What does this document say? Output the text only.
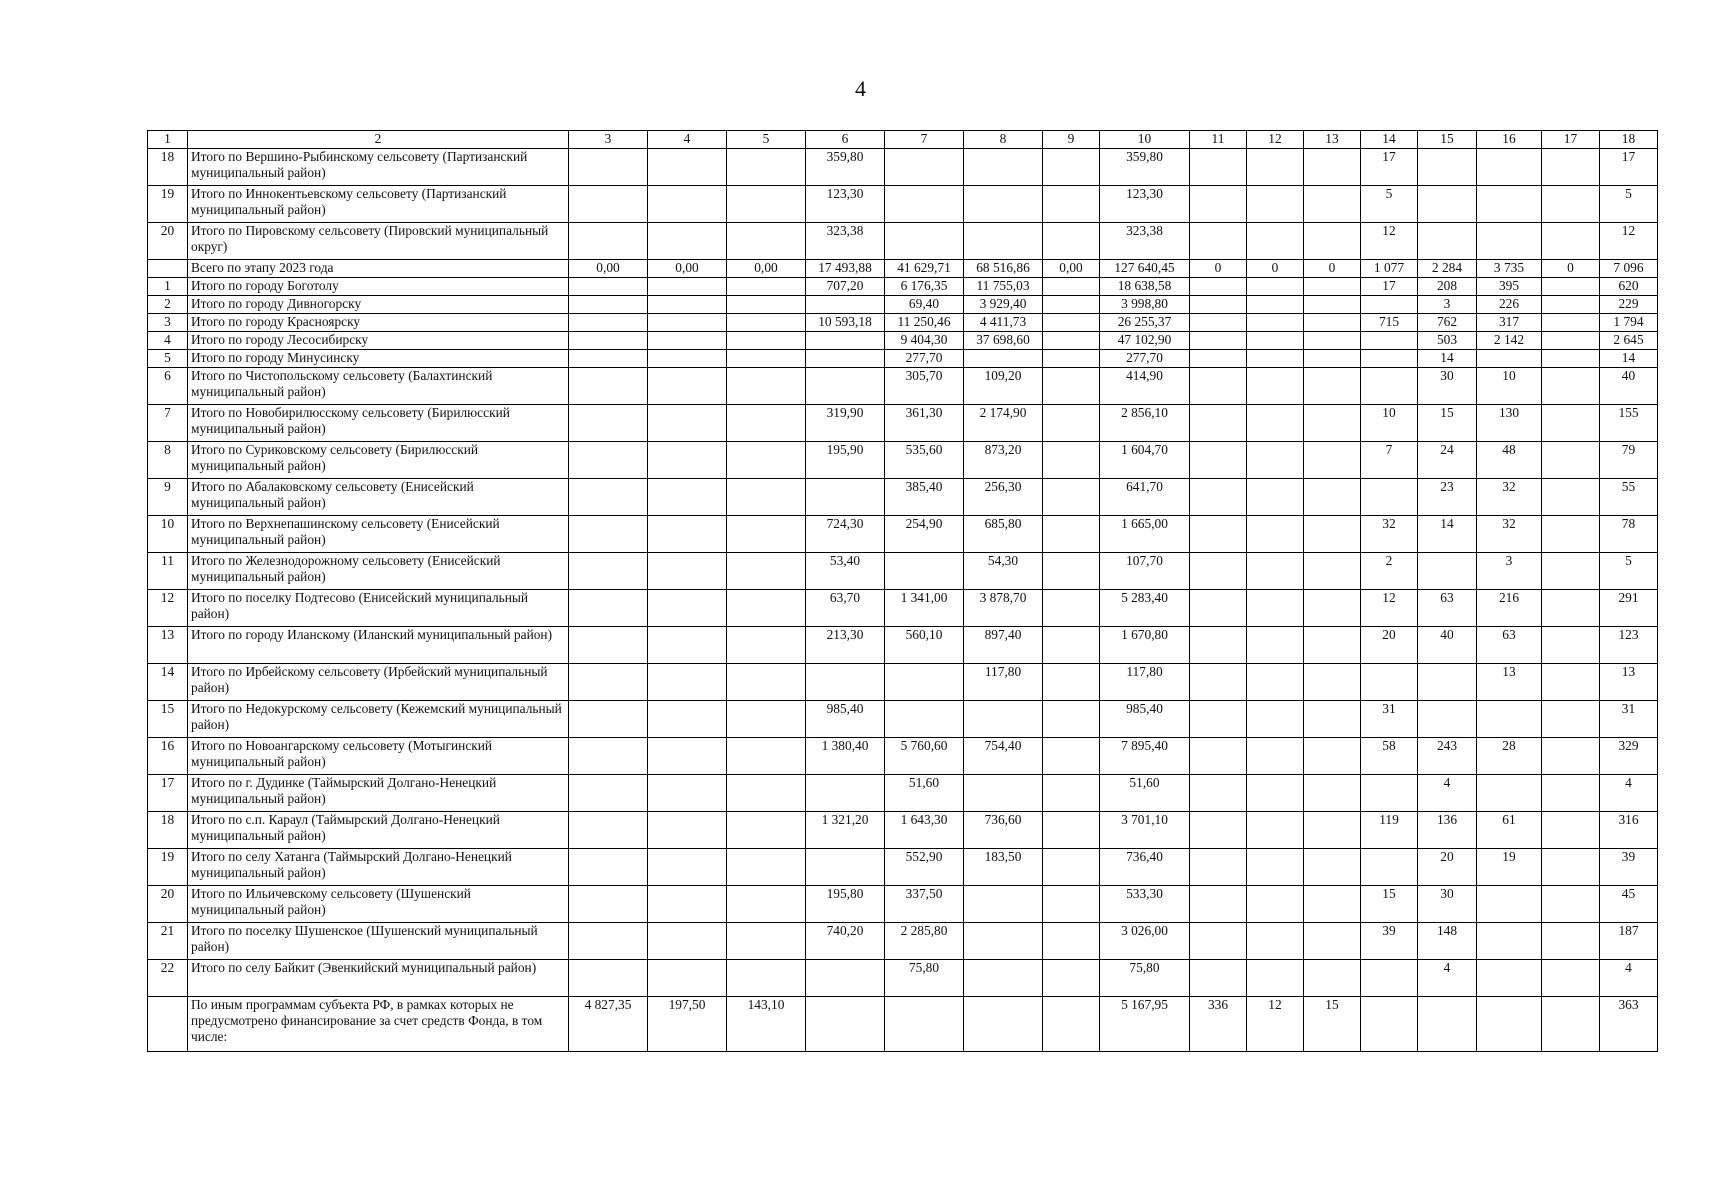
4
1	2	3	4	5	6	7	8	9	10	11	12	13	14	15	16	17	18
18	Итого по Вершино-Рыбинскому сельсовету (Партизанский муниципальный район)				359,80				359,80				17				17
19	Итого по Иннокентьевскому сельсовету (Партизанский муниципальный район)				123,30				123,30				5				5
20	Итого по Пировскому сельсовету (Пировский муниципальный округ)				323,38				323,38				12				12
	Всего по этапу 2023 года	0,00	0,00	0,00	17 493,88	41 629,71	68 516,86	0,00	127 640,45	0	0	0	1 077	2 284	3 735	0	7 096
1	Итого по городу Боготолу				707,20	6 176,35	11 755,03		18 638,58				17	208	395		620
2	Итого по городу Дивногорску					69,40	3 929,40		3 998,80					3	226		229
3	Итого по городу Красноярску				10 593,18	11 250,46	4 411,73		26 255,37				715	762	317		1 794
4	Итого по городу Лесосибирску					9 404,30	37 698,60		47 102,90					503	2 142		2 645
5	Итого по городу Минусинску					277,70			277,70					14			14
6	Итого по Чистопольскому сельсовету (Балахтинский муниципальный район)					305,70	109,20		414,90					30	10		40
7	Итого по Новобирилюсскому сельсовету (Бирилюсский муниципальный район)				319,90	361,30	2 174,90		2 856,10				10	15	130		155
8	Итого по Суриковскому сельсовету (Бирилюсский муниципальный район)				195,90	535,60	873,20		1 604,70				7	24	48		79
9	Итого по Абалаковскому сельсовету (Енисейский муниципальный район)					385,40	256,30		641,70					23	32		55
10	Итого по Верхнепашинскому сельсовету (Енисейский муниципальный район)				724,30	254,90	685,80		1 665,00				32	14	32		78
11	Итого по Железнодорожному сельсовету (Енисейский муниципальный район)				53,40		54,30		107,70				2		3		5
12	Итого по поселку Подтесово (Енисейский муниципальный район)				63,70	1 341,00	3 878,70		5 283,40				12	63	216		291
13	Итого по городу Иланскому (Иланский муниципальный район)				213,30	560,10	897,40		1 670,80				20	40	63		123
14	Итого по Ирбейскому сельсовету (Ирбейский муниципальный район)						117,80		117,80						13		13
15	Итого по Недокурскому сельсовету (Кежемский муниципальный район)				985,40				985,40				31				31
16	Итого по Новоангарскому сельсовету (Мотыгинский муниципальный район)				1 380,40	5 760,60	754,40		7 895,40				58	243	28		329
17	Итого по г. Дудинке (Таймырский Долгано-Ненецкий муниципальный район)					51,60			51,60					4			4
18	Итого по с.п. Караул (Таймырский Долгано-Ненецкий муниципальный район)				1 321,20	1 643,30	736,60		3 701,10				119	136	61		316
19	Итого по селу Хатанга (Таймырский Долгано-Ненецкий муниципальный район)					552,90	183,50		736,40					20	19		39
20	Итого по Ильичевскому сельсовету (Шушенский муниципальный район)				195,80	337,50			533,30				15	30			45
21	Итого по поселку Шушенское (Шушенский муниципальный район)				740,20	2 285,80			3 026,00				39	148			187
22	Итого по селу Байкит (Эвенкийский муниципальный район)					75,80			75,80					4			4
	По иным программам субъекта РФ, в рамках которых не предусмотрено финансирование за счет средств Фонда, в том числе:	4 827,35	197,50	143,10					5 167,95	336	12	15					363
